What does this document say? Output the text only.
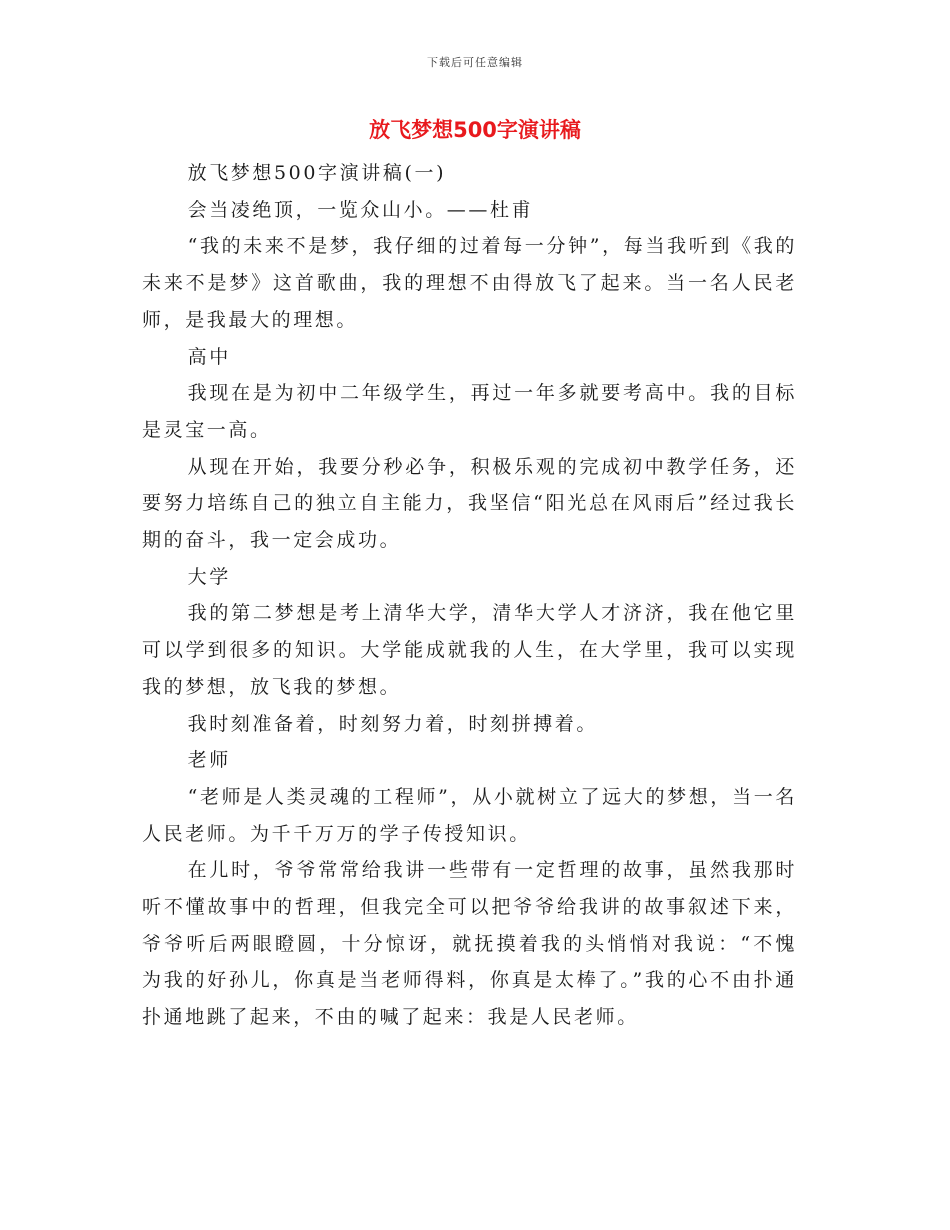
下载后可任意编辑
放飞梦想500字演讲稿

放飞梦想500字演讲稿(一)

会当凌绝顶，一览众山小。——杜甫

“我的未来不是梦，我仔细的过着每一分钟”，每当我听到《我的未来不是梦》这首歌曲，我的理想不由得放飞了起来。当一名人民老师，是我最大的理想。

高中

我现在是为初中二年级学生，再过一年多就要考高中。我的目标是灵宝一高。

从现在开始，我要分秒必争，积极乐观的完成初中教学任务，还要努力培练自己的独立自主能力，我坚信“阳光总在风雨后”经过我长期的奋斗，我一定会成功。

大学

我的第二梦想是考上清华大学，清华大学人才济济，我在他它里可以学到很多的知识。大学能成就我的人生，在大学里，我可以实现我的梦想，放飞我的梦想。

我时刻准备着，时刻努力着，时刻拼搏着。

老师

“老师是人类灵魂的工程师”，从小就树立了远大的梦想，当一名人民老师。为千千万万的学子传授知识。

在儿时，爷爷常常给我讲一些带有一定哲理的故事，虽然我那时听不懂故事中的哲理，但我完全可以把爷爷给我讲的故事叙述下来，爷爷听后两眼瞪圆，十分惊讶，就抚摸着我的头悄悄对我说：“不愧为我的好孙儿，你真是当老师得料，你真是太棒了。”我的心不由扑通扑通地跳了起来，不由的喊了起来：我是人民老师。
